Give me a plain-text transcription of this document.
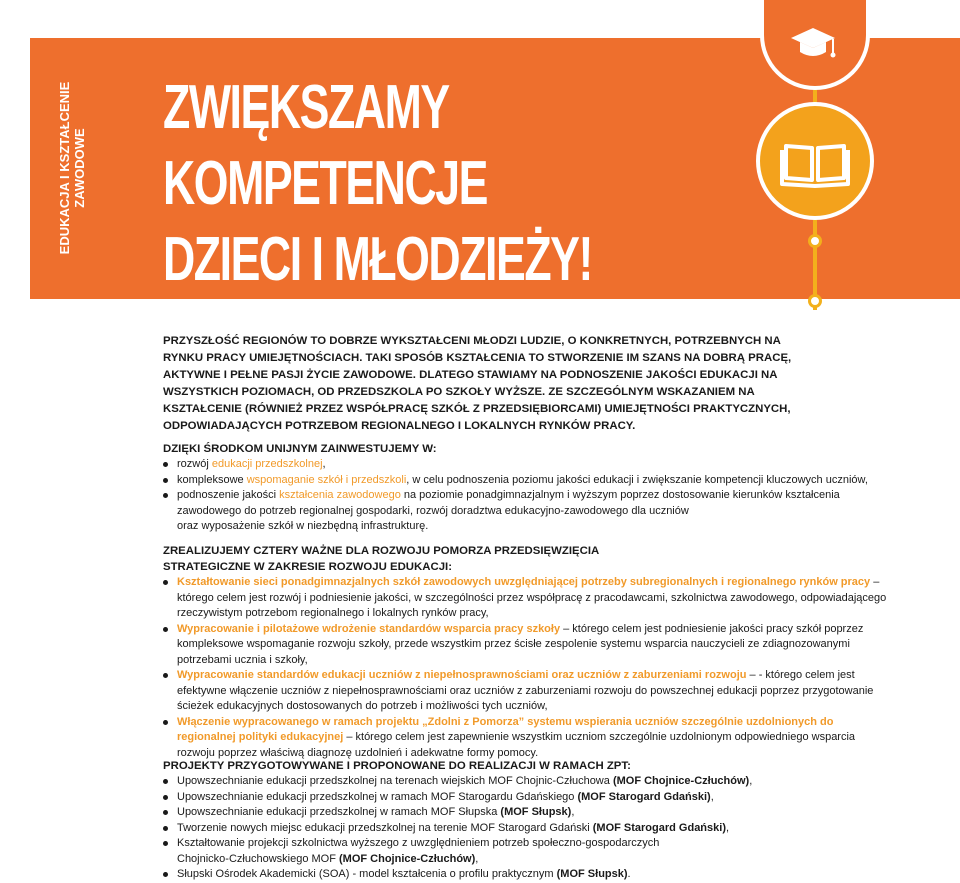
EDUKACJA I KSZTAŁCENIE ZAWODOWE
ZWIĘKSZAMY
KOMPETENCJE
DZIECI I MŁODZIEŻY!
PRZYSZŁOŚĆ REGIONÓW TO DOBRZE WYKSZTAŁCENI MŁODZI LUDZIE, O KONKRETNYCH, POTRZEBNYCH NA RYNKU PRACY UMIEJĘTNOŚCIACH. TAKI SPOSÓB KSZTAŁCENIA TO STWORZENIE IM SZANS NA DOBRĄ PRACĘ, AKTYWNE I PEŁNE PASJI ŻYCIE ZAWODOWE. DLATEGO STAWIAMY NA PODNOSZENIE JAKOŚCI EDUKACJI NA WSZYSTKICH POZIOMACH, OD PRZEDSZKOLA PO SZKOŁY WYŻSZE. ZE SZCZEGÓLNYM WSKAZANIEM NA KSZTAŁCENIE (RÓWNIEŻ PRZEZ WSPÓŁPRACĘ SZKÓŁ Z PRZEDSIĘBIORCAMI) UMIEJĘTNOŚCI PRAKTYCZNYCH, ODPOWIADAJĄCYCH POTRZEBOM REGIONALNEGO I LOKALNYCH RYNKÓW PRACY.
DZIĘKI ŚRODKOM UNIJNYM ZAINWESTUJEMY W:
rozwój edukacji przedszkolnej,
kompleksowe wspomaganie szkół i przedszkoli, w celu podnoszenia poziomu jakości edukacji i zwiększanie kompetencji kluczowych uczniów,
podnoszenie jakości kształcenia zawodowego na poziomie ponadgimnazjalnym i wyższym poprzez dostosowanie kierunków kształcenia zawodowego do potrzeb regionalnej gospodarki, rozwój doradztwa edukacyjno-zawodowego dla uczniów
oraz wyposażenie szkół w niezbędną infrastrukturę.
ZREALIZUJEMY CZTERY WAŻNE DLA ROZWOJU POMORZA PRZEDSIĘWZIĘCIA STRATEGICZNE W ZAKRESIE ROZWOJU EDUKACJI:
Kształtowanie sieci ponadgimnazjalnych szkół zawodowych uwzględniającej potrzeby subregionalnych i regionalnego rynków pracy – którego celem jest rozwój i podniesienie jakości, w szczególności przez współpracę z pracodawcami, szkolnictwa zawodowego, odpowiadającego rzeczywistym potrzebom regionalnego i lokalnych rynków pracy,
Wypracowanie i pilotażowe wdrożenie standardów wsparcia pracy szkoły – którego celem jest podniesienie jakości pracy szkół poprzez kompleksowe wspomaganie rozwoju szkoły, przede wszystkim przez ścisłe zespolenie systemu wsparcia nauczycieli ze zdiagnozowanymi potrzebami ucznia i szkoły,
Wypracowanie standardów edukacji uczniów z niepełnosprawnościami oraz uczniów z zaburzeniami rozwoju – - którego celem jest efektywne włączenie uczniów z niepełnosprawnościami oraz uczniów z zaburzeniami rozwoju do powszechnej edukacji poprzez przygotowanie ścieżek edukacyjnych dostosowanych do potrzeb i możliwości tych uczniów,
Włączenie wypracowanego w ramach projektu „Zdolni z Pomorza” systemu wspierania uczniów szczególnie uzdolnionych do regionalnej polityki edukacyjnej – którego celem jest zapewnienie wszystkim uczniom szczególnie uzdolnionym odpowiedniego wsparcia rozwoju poprzez właściwą diagnozę uzdolnień i adekwatne formy pomocy.
PROJEKTY PRZYGOTOWYWANE I PROPONOWANE DO REALIZACJI W RAMACH ZPT:
Upowszechnianie edukacji przedszkolnej na terenach wiejskich MOF Chojnic-Człuchowa (MOF Chojnice-Człuchów),
Upowszechnianie edukacji przedszkolnej w ramach MOF Starogardu Gdańskiego (MOF Starogard Gdański),
Upowszechnianie edukacji przedszkolnej w ramach MOF Słupska (MOF Słupsk),
Tworzenie nowych miejsc edukacji przedszkolnej na terenie MOF Starogard Gdański (MOF Starogard Gdański),
Kształtowanie projekcji szkolnictwa wyższego z uwzględnieniem potrzeb społeczno-gospodarczych Chojnicko-Człuchowskiego MOF (MOF Chojnice-Człuchów),
Słupski Ośrodek Akademicki (SOA) - model kształcenia o profilu praktycznym (MOF Słupsk).
